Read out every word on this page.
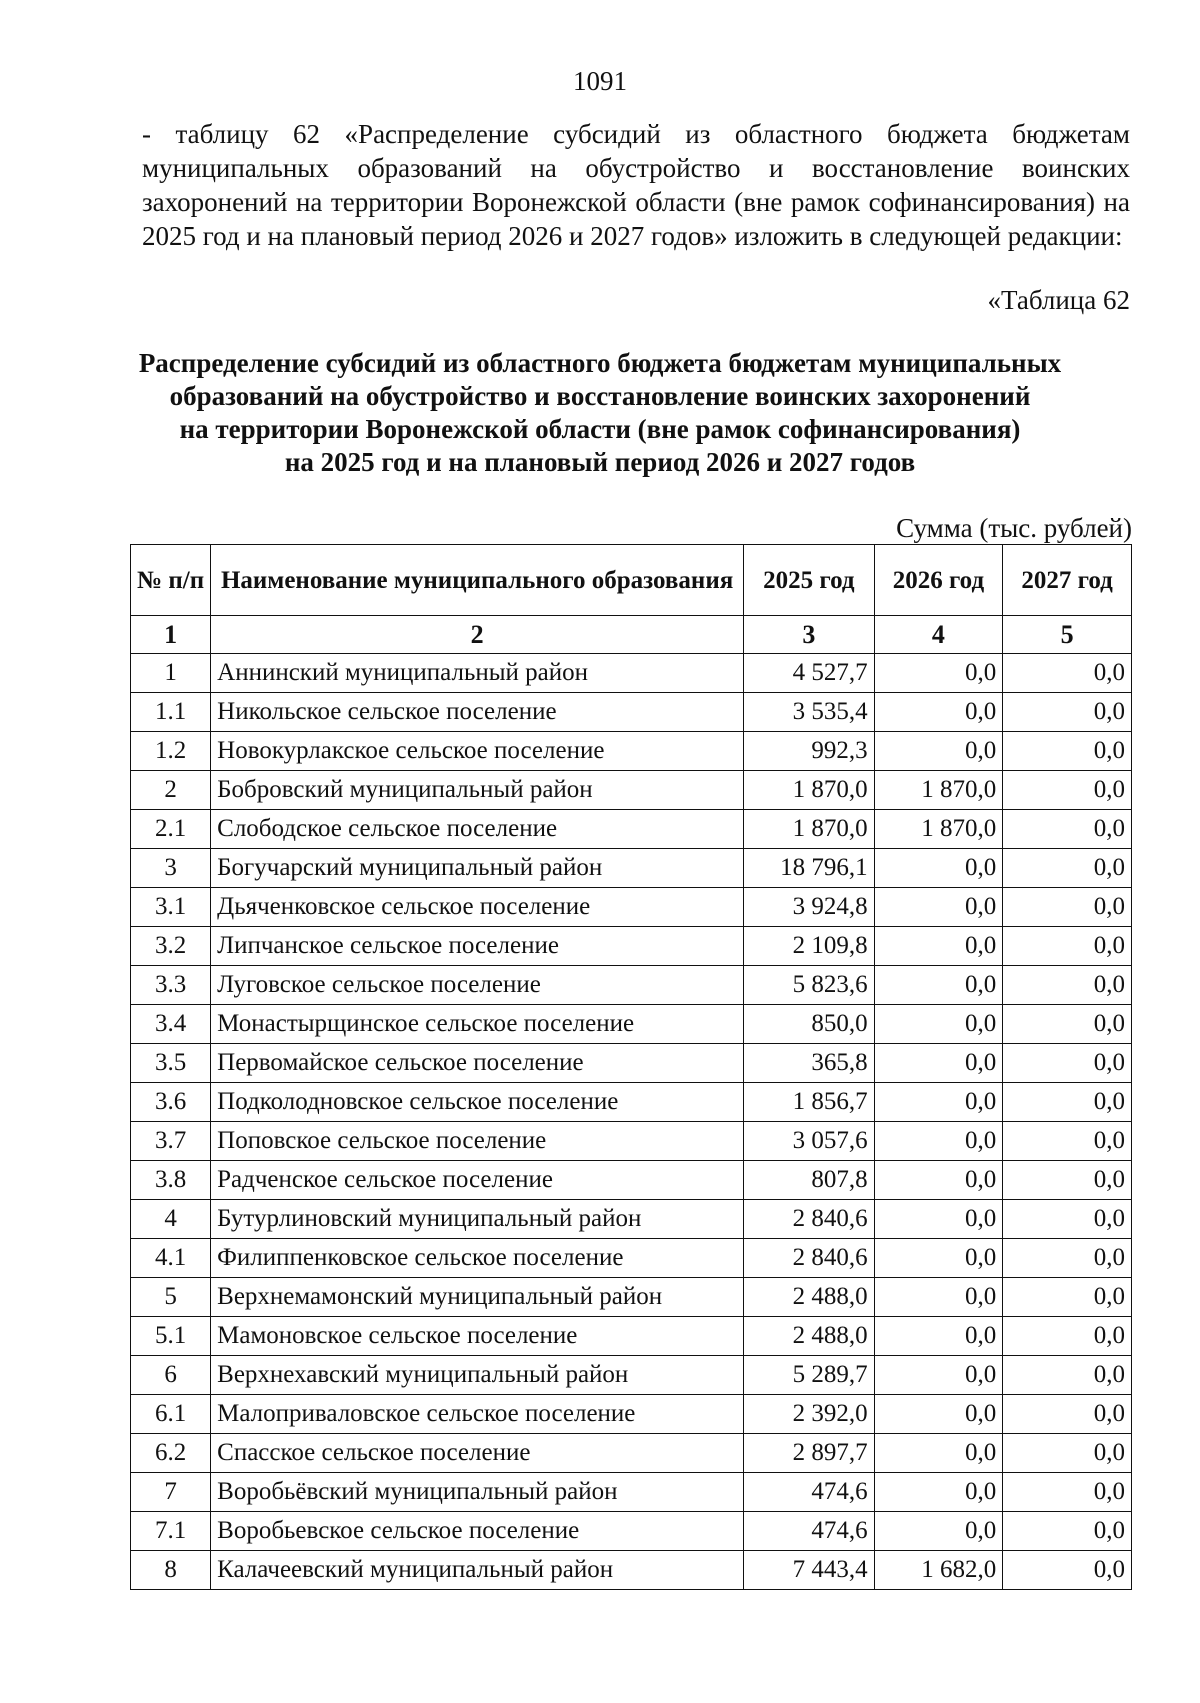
1091
- таблицу 62 «Распределение субсидий из областного бюджета бюджетам муниципальных образований на обустройство и восстановление воинских захоронений на территории Воронежской области (вне рамок софинансирования) на 2025 год и на плановый период 2026 и 2027 годов» изложить в следующей редакции:
«Таблица 62
Распределение субсидий из областного бюджета бюджетам муниципальных
образований на обустройство и восстановление воинских захоронений
на территории Воронежской области (вне рамок софинансирования)
на 2025 год и на плановый период 2026 и 2027 годов
Сумма (тыс. рублей)
№ п/п	Наименование муниципального образования	2025 год	2026 год	2027 год
1	2	3	4	5
1	Аннинский муниципальный район	4 527,7	0,0	0,0
1.1	Никольское сельское поселение	3 535,4	0,0	0,0
1.2	Новокурлакское сельское поселение	992,3	0,0	0,0
2	Бобровский муниципальный район	1 870,0	1 870,0	0,0
2.1	Слободское сельское поселение	1 870,0	1 870,0	0,0
3	Богучарский муниципальный район	18 796,1	0,0	0,0
3.1	Дьяченковское сельское поселение	3 924,8	0,0	0,0
3.2	Липчанское сельское поселение	2 109,8	0,0	0,0
3.3	Луговское сельское поселение	5 823,6	0,0	0,0
3.4	Монастырщинское сельское поселение	850,0	0,0	0,0
3.5	Первомайское сельское поселение	365,8	0,0	0,0
3.6	Подколодновское сельское поселение	1 856,7	0,0	0,0
3.7	Поповское сельское поселение	3 057,6	0,0	0,0
3.8	Радченское сельское поселение	807,8	0,0	0,0
4	Бутурлиновский муниципальный район	2 840,6	0,0	0,0
4.1	Филиппенковское сельское поселение	2 840,6	0,0	0,0
5	Верхнемамонский муниципальный район	2 488,0	0,0	0,0
5.1	Мамоновское сельское поселение	2 488,0	0,0	0,0
6	Верхнехавский муниципальный район	5 289,7	0,0	0,0
6.1	Малоприваловское сельское поселение	2 392,0	0,0	0,0
6.2	Спасское сельское поселение	2 897,7	0,0	0,0
7	Воробьёвский муниципальный район	474,6	0,0	0,0
7.1	Воробьевское сельское поселение	474,6	0,0	0,0
8	Калачеевский муниципальный район	7 443,4	1 682,0	0,0
